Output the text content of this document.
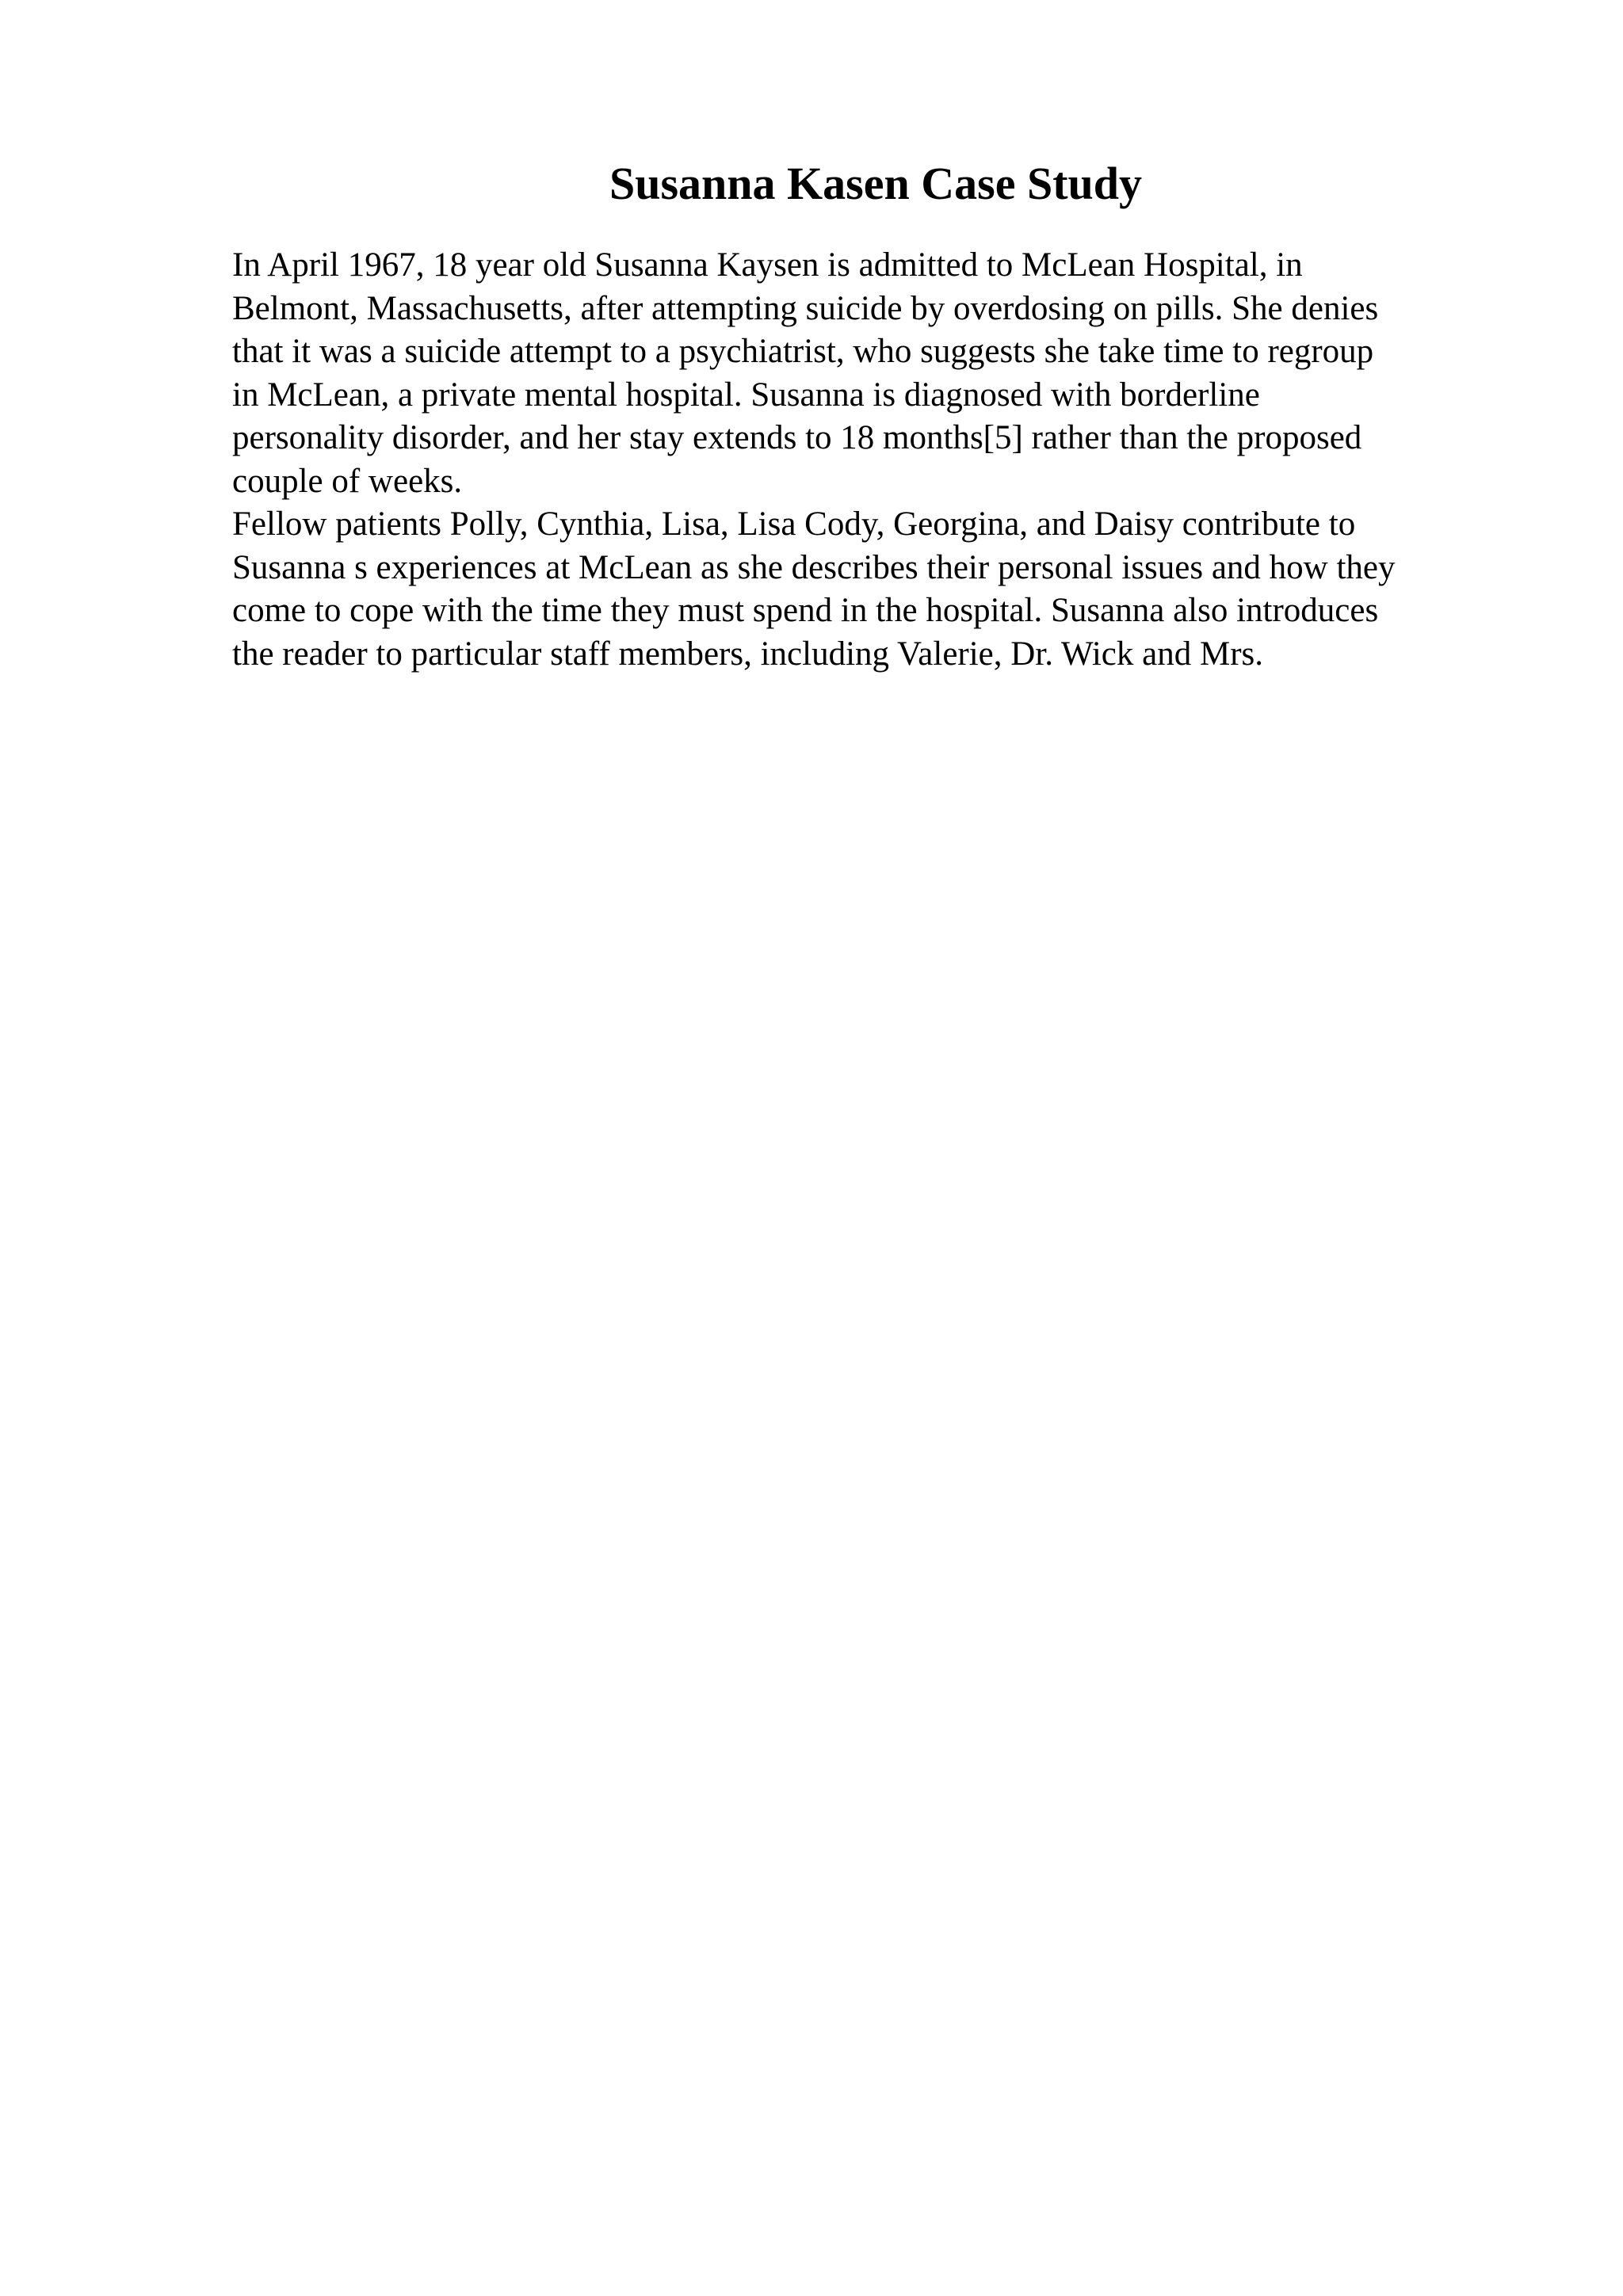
Susanna Kasen Case Study
In April 1967, 18 year old Susanna Kaysen is admitted to McLean Hospital, in
Belmont, Massachusetts, after attempting suicide by overdosing on pills. She denies
that it was a suicide attempt to a psychiatrist, who suggests she take time to regroup
in McLean, a private mental hospital. Susanna is diagnosed with borderline
personality disorder, and her stay extends to 18 months[5] rather than the proposed
couple of weeks.
Fellow patients Polly, Cynthia, Lisa, Lisa Cody, Georgina, and Daisy contribute to
Susanna s experiences at McLean as she describes their personal issues and how they
come to cope with the time they must spend in the hospital. Susanna also introduces
the reader to particular staff members, including Valerie, Dr. Wick and Mrs.
